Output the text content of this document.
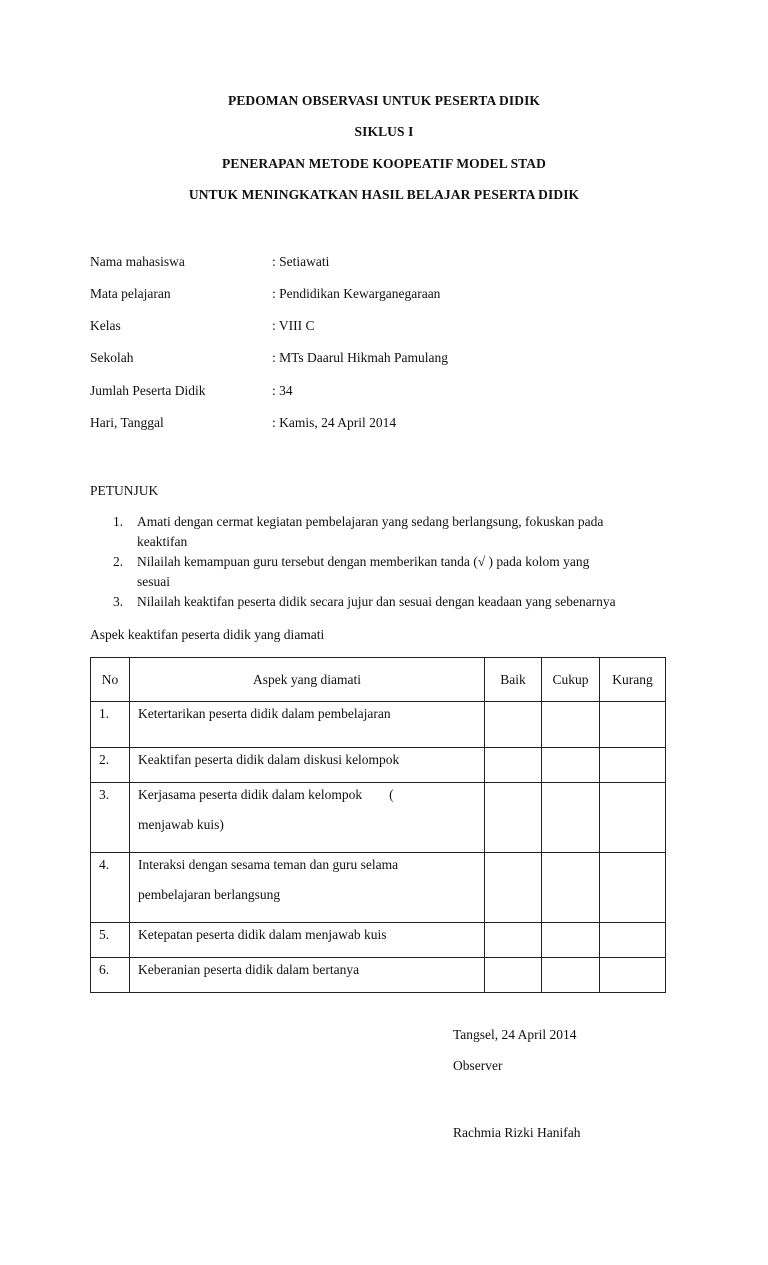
PEDOMAN OBSERVASI UNTUK PESERTA DIDIK
SIKLUS I
PENERAPAN METODE KOOPEATIF MODEL STAD
UNTUK MENINGKATKAN HASIL BELAJAR PESERTA DIDIK
Nama mahasiswa	: Setiawati
Mata pelajaran	: Pendidikan Kewarganegaraan
Kelas	: VIII C
Sekolah	: MTs Daarul Hikmah Pamulang
Jumlah Peserta Didik	: 34
Hari, Tanggal	: Kamis, 24 April 2014
PETUNJUK
1. Amati dengan cermat kegiatan pembelajaran yang sedang berlangsung, fokuskan pada
keaktifan
2. Nilailah kemampuan guru tersebut dengan memberikan tanda (√ ) pada kolom yang
sesuai
3. Nilailah keaktifan peserta didik secara jujur dan sesuai dengan keadaan yang sebenarnya
Aspek keaktifan peserta didik yang diamati
No	Aspek yang diamati	Baik	Cukup	Kurang
1.	Ketertarikan peserta didik dalam pembelajaran			
2.	Keaktifan peserta didik dalam diskusi kelompok			
3.	Kerjasama peserta didik dalam kelompok        (
menjawab kuis)			

4.	Interaksi dengan sesama teman dan guru selama
pembelajaran berlangsung			

5.	Ketepatan peserta didik dalam menjawab kuis			
6.	Keberanian peserta didik dalam bertanya			
Tangsel, 24 April 2014
Observer
Rachmia Rizki Hanifah
